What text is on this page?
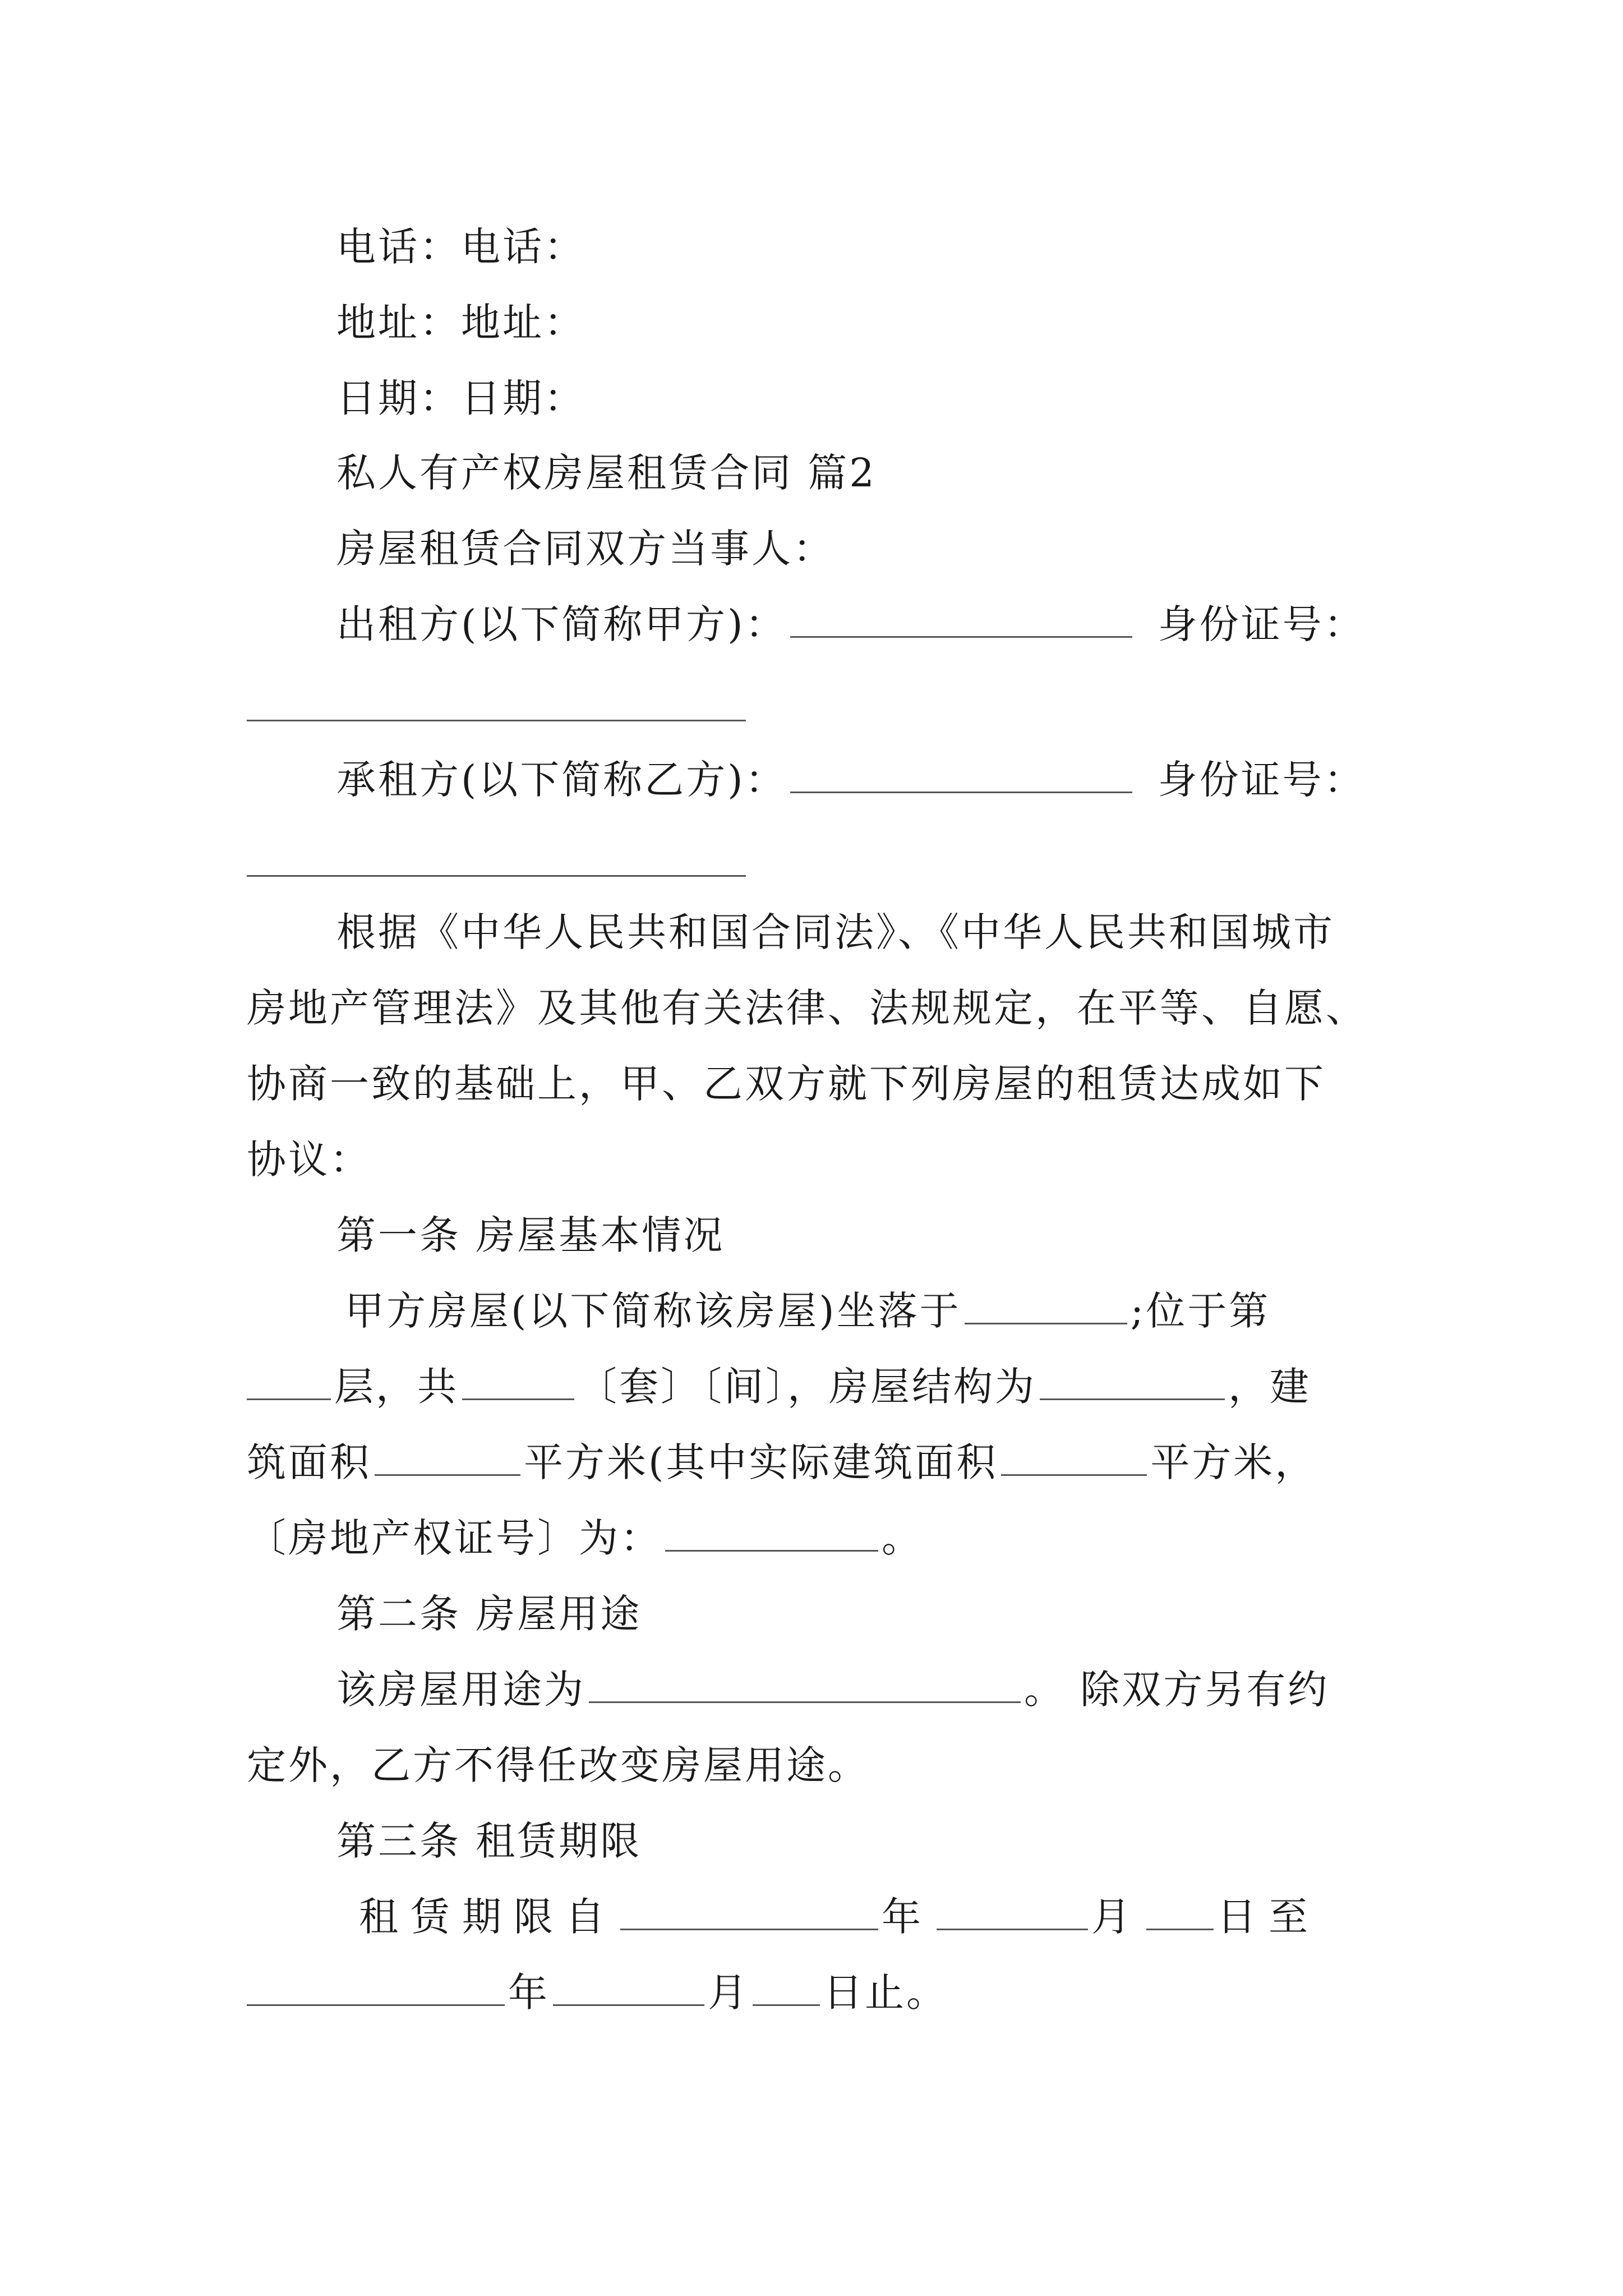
电话：电话：
地址：地址：
日期：日期：
私人有产权房屋租赁合同 篇2
房屋租赁合同双方当事人：
出租方(以下简称甲方)：	身份证号：
承租方(以下简称乙方)：	身份证号：
根据《中华人民共和国合同法》、《中华人民共和国城市
房地产管理法》及其他有关法律、法规规定，在平等、自愿、
协商一致的基础上，甲、乙双方就下列房屋的租赁达成如下
协议：
第一条 房屋基本情况
甲方房屋(以下简称该房屋)坐落于	;位于第
层，共	〔套〕〔间〕，房屋结构为	，建
筑面积	平方米(其中实际建筑面积	平方米，
〔房地产权证号〕为：	。
第二条 房屋用途
该房屋用途为	。 除双方另有约
定外，乙方不得任改变房屋用途。
第三条 租赁期限
租赁期限自	年	月 日至
年	月 日止。
